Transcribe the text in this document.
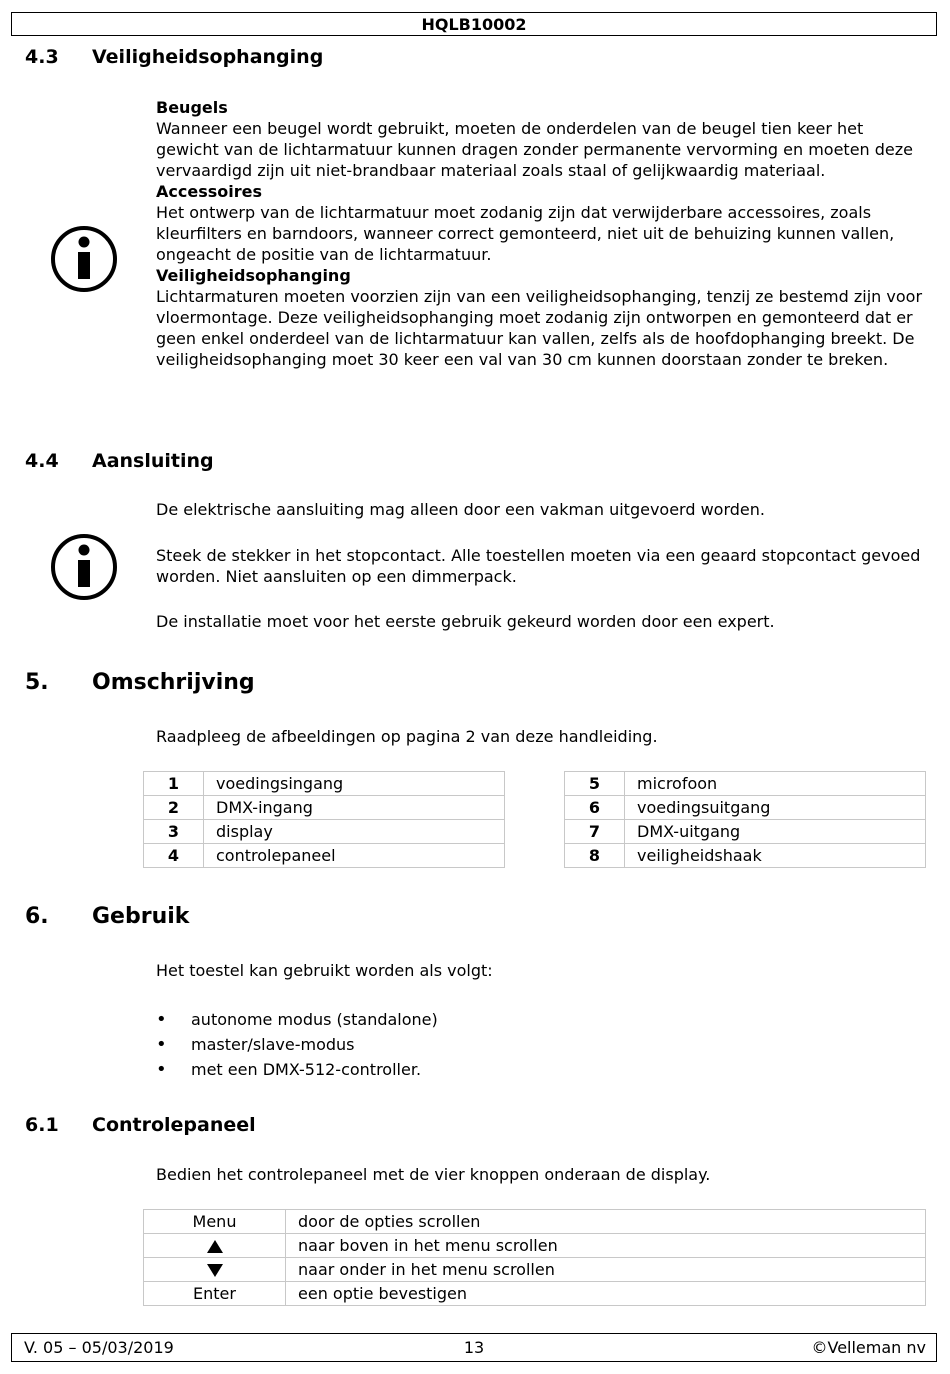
HQLB10002
4.3 Veiligheidsophanging
Beugels
Wanneer een beugel wordt gebruikt, moeten de onderdelen van de beugel tien keer het gewicht van de lichtarmatuur kunnen dragen zonder permanente vervorming en moeten deze vervaardigd zijn uit niet-brandbaar materiaal zoals staal of gelijkwaardig materiaal.
Accessoires
Het ontwerp van de lichtarmatuur moet zodanig zijn dat verwijderbare accessoires, zoals kleurfilters en barndoors, wanneer correct gemonteerd, niet uit de behuizing kunnen vallen, ongeacht de positie van de lichtarmatuur.
Veiligheidsophanging
Lichtarmaturen moeten voorzien zijn van een veiligheidsophanging, tenzij ze bestemd zijn voor vloermontage. Deze veiligheidsophanging moet zodanig zijn ontworpen en gemonteerd dat er geen enkel onderdeel van de lichtarmatuur kan vallen, zelfs als de hoofdophanging breekt. De veiligheidsophanging moet 30 keer een val van 30 cm kunnen doorstaan zonder te breken.
4.4 Aansluiting

De elektrische aansluiting mag alleen door een vakman uitgevoerd worden.

Steek de stekker in het stopcontact. Alle toestellen moeten via een geaard stopcontact gevoed worden. Niet aansluiten op een dimmerpack.

De installatie moet voor het eerste gebruik gekeurd worden door een expert.

5. Omschrijving

Raadpleeg de afbeeldingen op pagina 2 van deze handleiding.

1	voedingsingang
2	DMX-ingang
3	display
4	controlepaneel
5	microfoon
6	voedingsuitgang
7	DMX-uitgang
8	veiligheidshaak
6. Gebruik

Het toestel kan gebruikt worden als volgt:

• autonome modus (standalone)
• master/slave-modus
• met een DMX-512-controller.
6.1 Controlepaneel

Bedien het controlepaneel met de vier knoppen onderaan de display.

Menu	door de opties scrollen
	naar boven in het menu scrollen
	naar onder in het menu scrollen
Enter	een optie bevestigen
V. 05 – 05/03/2019	13	©Velleman nv
